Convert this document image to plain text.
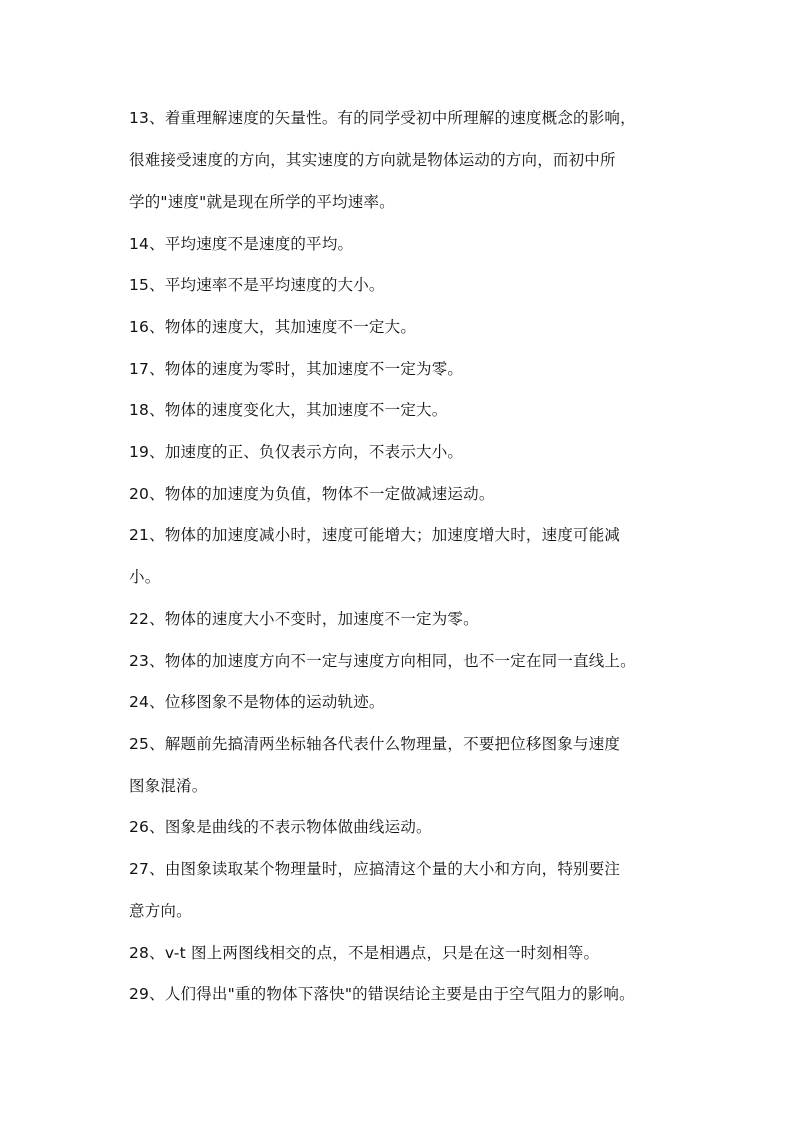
13、着重理解速度的矢量性。有的同学受初中所理解的速度概念的影响，
很难接受速度的方向，其实速度的方向就是物体运动的方向，而初中所
学的"速度"就是现在所学的平均速率。
14、平均速度不是速度的平均。
15、平均速率不是平均速度的大小。
16、物体的速度大，其加速度不一定大。
17、物体的速度为零时，其加速度不一定为零。
18、物体的速度变化大，其加速度不一定大。
19、加速度的正、负仅表示方向，不表示大小。
20、物体的加速度为负值，物体不一定做减速运动。
21、物体的加速度减小时，速度可能增大；加速度增大时，速度可能减
小。
22、物体的速度大小不变时，加速度不一定为零。
23、物体的加速度方向不一定与速度方向相同，也不一定在同一直线上。
24、位移图象不是物体的运动轨迹。
25、解题前先搞清两坐标轴各代表什么物理量，不要把位移图象与速度
图象混淆。
26、图象是曲线的不表示物体做曲线运动。
27、由图象读取某个物理量时，应搞清这个量的大小和方向，特别要注
意方向。
28、v-t 图上两图线相交的点，不是相遇点，只是在这一时刻相等。
29、人们得出"重的物体下落快"的错误结论主要是由于空气阻力的影响。
